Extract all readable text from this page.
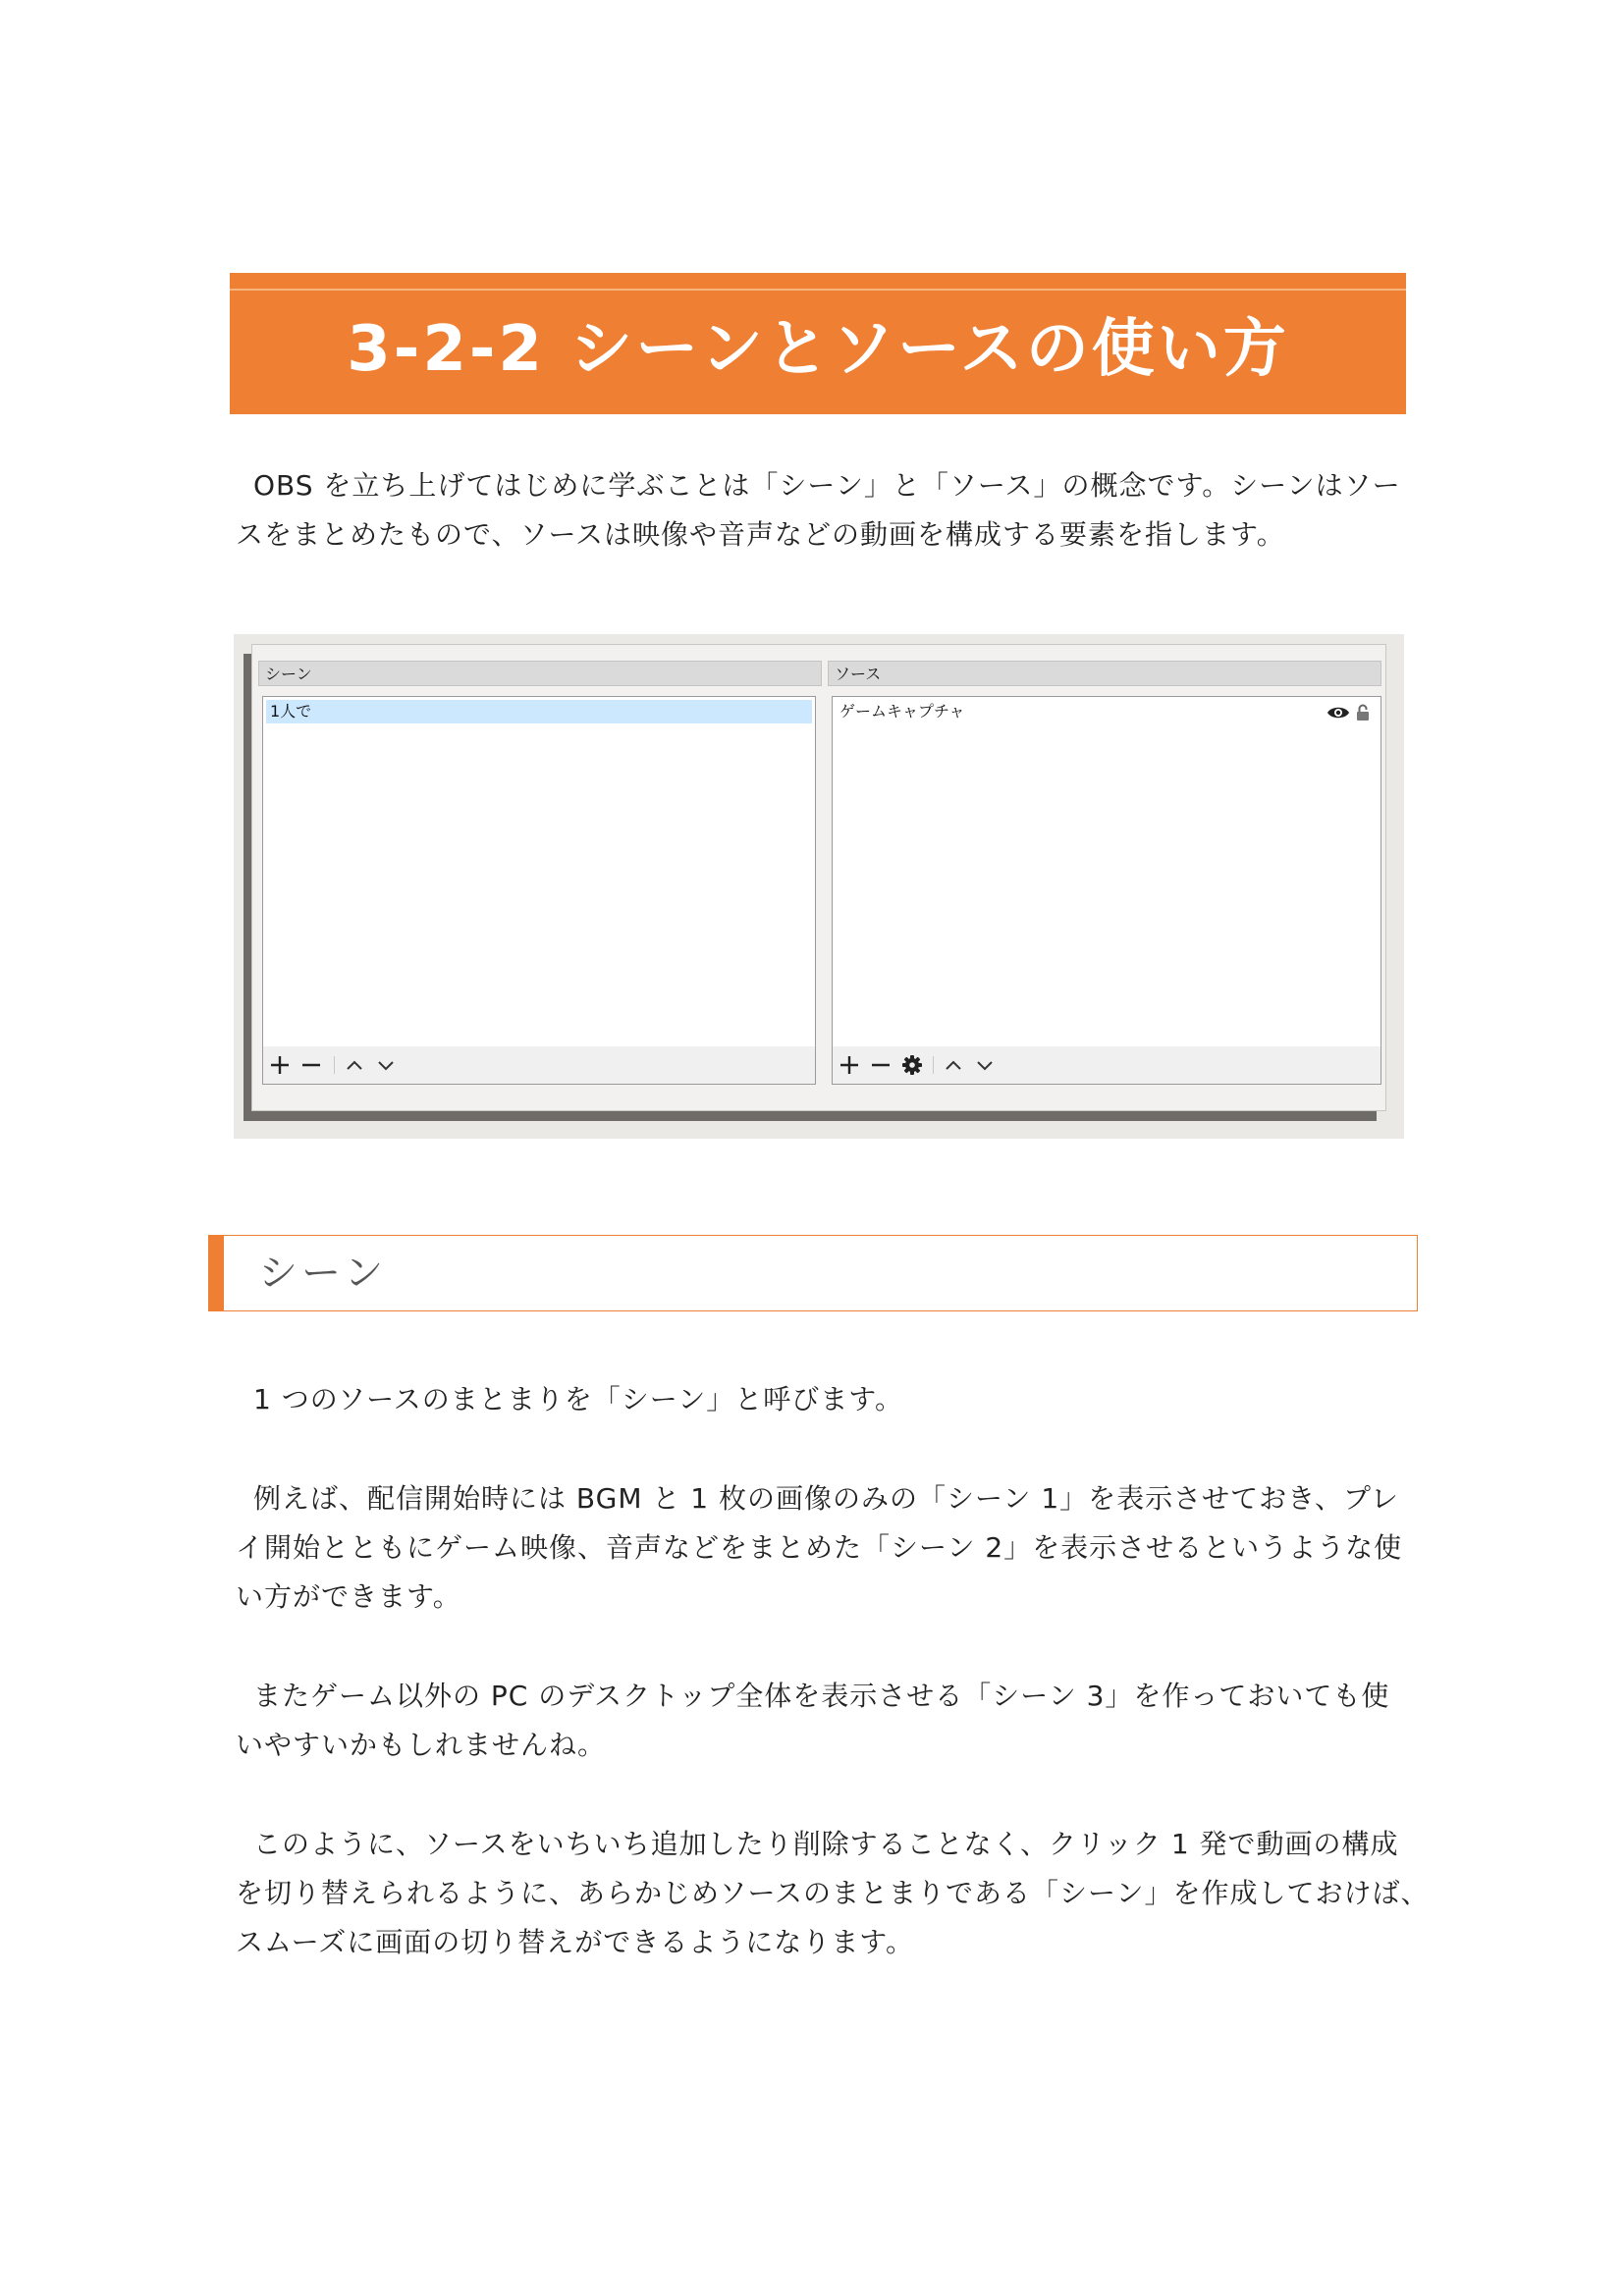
3-2-2 シーンとソースの使い方
OBS を立ち上げてはじめに学ぶことは「シーン」と「ソース」の概念です。シーンはソー
スをまとめたもので、ソースは映像や音声などの動画を構成する要素を指します。
シーン
1人で
ソース
ゲームキャプチャ
シーン
1 つのソースのまとまりを「シーン」と呼びます。
例えば、配信開始時には BGM と 1 枚の画像のみの「シーン 1」を表示させておき、プレ
イ開始とともにゲーム映像、音声などをまとめた「シーン 2」を表示させるというような使
い方ができます。
またゲーム以外の PC のデスクトップ全体を表示させる「シーン 3」を作っておいても使
いやすいかもしれませんね。
このように、ソースをいちいち追加したり削除することなく、クリック 1 発で動画の構成
を切り替えられるように、あらかじめソースのまとまりである「シーン」を作成しておけば、
スムーズに画面の切り替えができるようになります。
